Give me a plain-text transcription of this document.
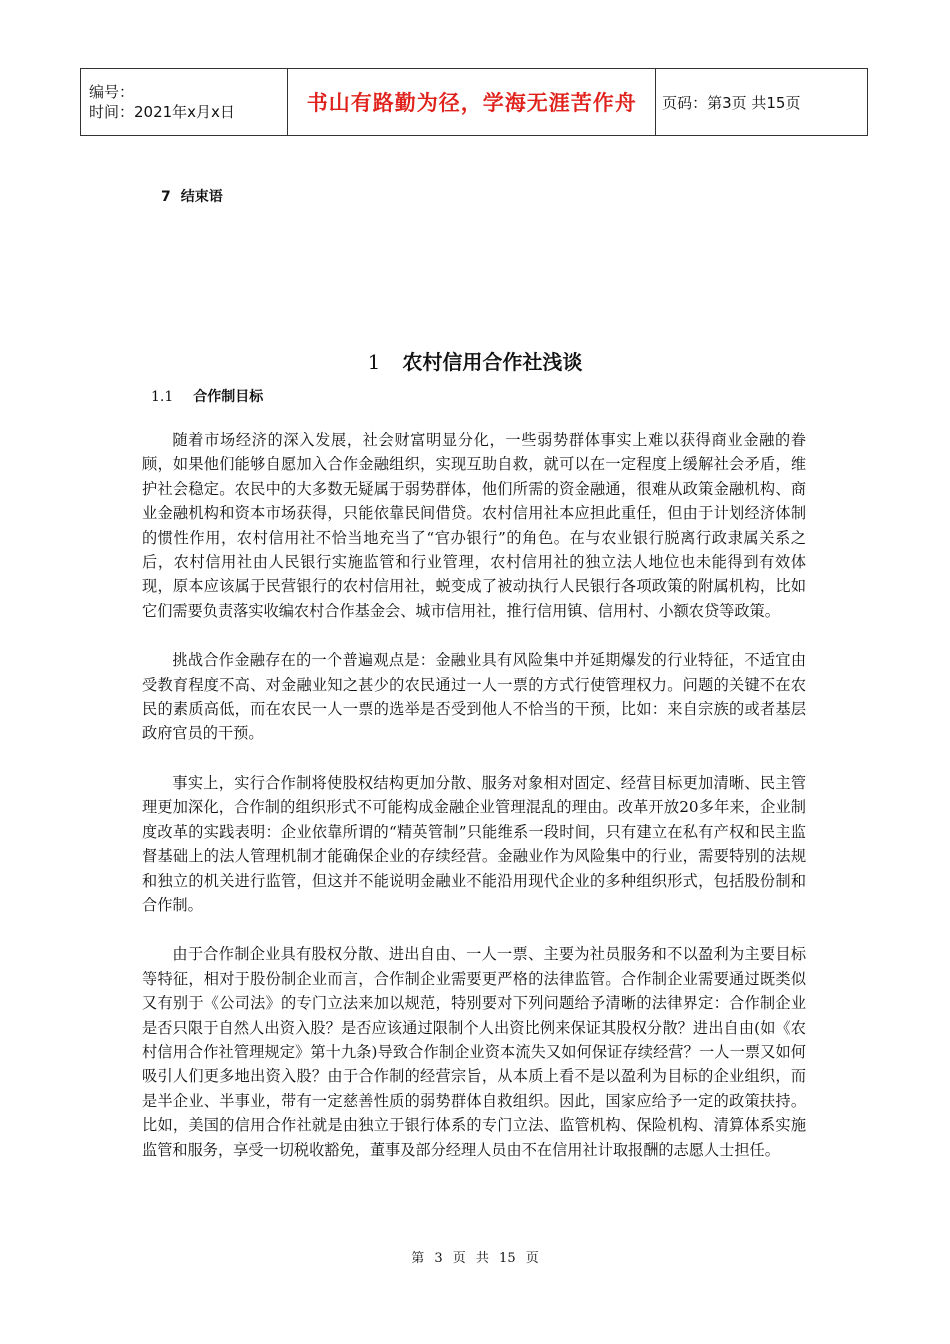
编号：
时间：2021年x月x日	书山有路勤为径，学海无涯苦作舟	页码：第3页 共15页
7 结束语
1 农村信用合作社浅谈
1.1 合作制目标

随着市场经济的深入发展，社会财富明显分化，一些弱势群体事实上难以获得商业金融的眷顾，如果他们能够自愿加入合作金融组织，实现互助自救，就可以在一定程度上缓解社会矛盾，维护社会稳定。农民中的大多数无疑属于弱势群体，他们所需的资金融通，很难从政策金融机构、商业金融机构和资本市场获得，只能依靠民间借贷。农村信用社本应担此重任，但由于计划经济体制的惯性作用，农村信用社不恰当地充当了“官办银行”的角色。在与农业银行脱离行政隶属关系之后，农村信用社由人民银行实施监管和行业管理，农村信用社的独立法人地位也未能得到有效体现，原本应该属于民营银行的农村信用社，蜕变成了被动执行人民银行各项政策的附属机构，比如它们需要负责落实收编农村合作基金会、城市信用社，推行信用镇、信用村、小额农贷等政策。

挑战合作金融存在的一个普遍观点是：金融业具有风险集中并延期爆发的行业特征，不适宜由受教育程度不高、对金融业知之甚少的农民通过一人一票的方式行使管理权力。问题的关键不在农民的素质高低，而在农民一人一票的选举是否受到他人不恰当的干预，比如：来自宗族的或者基层政府官员的干预。

事实上，实行合作制将使股权结构更加分散、服务对象相对固定、经营目标更加清晰、民主管理更加深化，合作制的组织形式不可能构成金融企业管理混乱的理由。改革开放20多年来，企业制度改革的实践表明：企业依靠所谓的“精英管制”只能维系一段时间，只有建立在私有产权和民主监督基础上的法人管理机制才能确保企业的存续经营。金融业作为风险集中的行业，需要特别的法规和独立的机关进行监管，但这并不能说明金融业不能沿用现代企业的多种组织形式，包括股份制和合作制。

由于合作制企业具有股权分散、进出自由、一人一票、主要为社员服务和不以盈利为主要目标等特征，相对于股份制企业而言，合作制企业需要更严格的法律监管。合作制企业需要通过既类似又有别于《公司法》的专门立法来加以规范，特别要对下列问题给予清晰的法律界定：合作制企业是否只限于自然人出资入股？是否应该通过限制个人出资比例来保证其股权分散？进出自由(如《农村信用合作社管理规定》第十九条)导致合作制企业资本流失又如何保证存续经营？一人一票又如何吸引人们更多地出资入股？由于合作制的经营宗旨，从本质上看不是以盈利为目标的企业组织，而是半企业、半事业，带有一定慈善性质的弱势群体自救组织。因此，国家应给予一定的政策扶持。比如，美国的信用合作社就是由独立于银行体系的专门立法、监管机构、保险机构、清算体系实施监管和服务，享受一切税收豁免，董事及部分经理人员由不在信用社计取报酬的志愿人士担任。

第 3 页 共 15 页
